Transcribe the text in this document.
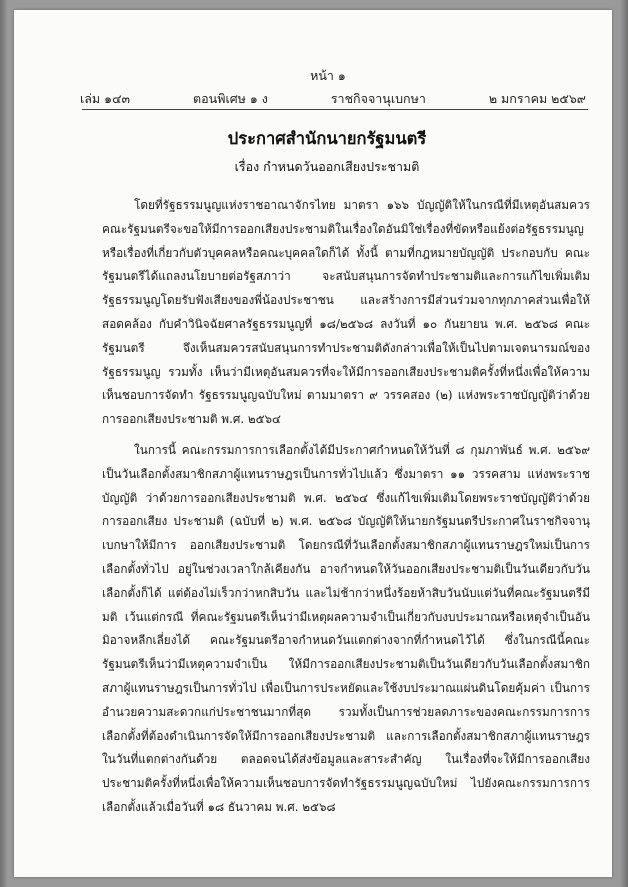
หน้า ๑
เล่ม ๑๔๓	ตอนพิเศษ ๑ ง	ราชกิจจานุเบกษา	๒ มกราคม ๒๕๖๙
ประกาศสำนักนายกรัฐมนตรี
เรื่อง กำหนดวันออกเสียงประชามติ

โดยที่รัฐธรรมนูญแห่งราชอาณาจักรไทย มาตรา ๑๖๖ บัญญัติให้ในกรณีที่มีเหตุอันสมควร คณะรัฐมนตรีจะขอให้มีการออกเสียงประชามติในเรื่องใดอันมิใช่เรื่องที่ขัดหรือแย้งต่อรัฐธรรมนูญ หรือเรื่องที่เกี่ยวกับตัวบุคคลหรือคณะบุคคลใดก็ได้ ทั้งนี้ ตามที่กฎหมายบัญญัติ ประกอบกับ คณะรัฐมนตรีได้แถลงนโยบายต่อรัฐสภาว่า จะสนับสนุนการจัดทำประชามติและการแก้ไขเพิ่มเติม รัฐธรรมนูญโดยรับฟังเสียงของพี่น้องประชาชน และสร้างการมีส่วนร่วมจากทุกภาคส่วนเพื่อให้สอดคล้อง กับคำวินิจฉัยศาลรัฐธรรมนูญที่ ๑๘/๒๕๖๘ ลงวันที่ ๑๐ กันยายน พ.ศ. ๒๕๖๘ คณะรัฐมนตรี จึงเห็นสมควรสนับสนุนการทำประชามติดังกล่าวเพื่อให้เป็นไปตามเจตนารมณ์ของรัฐธรรมนูญ รวมทั้ง เห็นว่ามีเหตุอันสมควรที่จะให้มีการออกเสียงประชามติครั้งที่หนึ่งเพื่อให้ความเห็นชอบการจัดทำ รัฐธรรมนูญฉบับใหม่ ตามมาตรา ๙ วรรคสอง (๒) แห่งพระราชบัญญัติว่าด้วยการออกเสียงประชามติ พ.ศ. ๒๕๖๔

ในการนี้ คณะกรรมการการเลือกตั้งได้มีประกาศกำหนดให้วันที่ ๘ กุมภาพันธ์ พ.ศ. ๒๕๖๙ เป็นวันเลือกตั้งสมาชิกสภาผู้แทนราษฎรเป็นการทั่วไปแล้ว ซึ่งมาตรา ๑๑ วรรคสาม แห่งพระราชบัญญัติ ว่าด้วยการออกเสียงประชามติ พ.ศ. ๒๕๖๔ ซึ่งแก้ไขเพิ่มเติมโดยพระราชบัญญัติว่าด้วยการออกเสียง ประชามติ (ฉบับที่ ๒) พ.ศ. ๒๕๖๘ บัญญัติให้นายกรัฐมนตรีประกาศในราชกิจจานุเบกษาให้มีการ ออกเสียงประชามติ โดยกรณีที่วันเลือกตั้งสมาชิกสภาผู้แทนราษฎรใหม่เป็นการเลือกตั้งทั่วไป อยู่ในช่วงเวลาใกล้เคียงกัน อาจกำหนดให้วันออกเสียงประชามติเป็นวันเดียวกับวันเลือกตั้งก็ได้ แต่ต้องไม่เร็วกว่าหกสิบวัน และไม่ช้ากว่าหนึ่งร้อยห้าสิบวันนับแต่วันที่คณะรัฐมนตรีมีมติ เว้นแต่กรณี ที่คณะรัฐมนตรีเห็นว่ามีเหตุผลความจำเป็นเกี่ยวกับงบประมาณหรือเหตุจำเป็นอันมิอาจหลีกเลี่ยงได้ คณะรัฐมนตรีอาจกำหนดวันแตกต่างจากที่กำหนดไว้ได้ ซึ่งในกรณีนี้คณะรัฐมนตรีเห็นว่ามีเหตุความจำเป็น ให้มีการออกเสียงประชามติเป็นวันเดียวกับวันเลือกตั้งสมาชิกสภาผู้แทนราษฎรเป็นการทั่วไป เพื่อเป็นการประหยัดและใช้งบประมาณแผ่นดินโดยคุ้มค่า เป็นการอำนวยความสะดวกแก่ประชาชนมากที่สุด รวมทั้งเป็นการช่วยลดภาระของคณะกรรมการการเลือกตั้งที่ต้องดำเนินการจัดให้มีการออกเสียงประชามติ และการเลือกตั้งสมาชิกสภาผู้แทนราษฎรในวันที่แตกต่างกันด้วย ตลอดจนได้ส่งข้อมูลและสาระสำคัญ ในเรื่องที่จะให้มีการออกเสียงประชามติครั้งที่หนึ่งเพื่อให้ความเห็นชอบการจัดทำรัฐธรรมนูญฉบับใหม่ ไปยังคณะกรรมการการเลือกตั้งแล้วเมื่อวันที่ ๑๘ ธันวาคม พ.ศ. ๒๕๖๘
